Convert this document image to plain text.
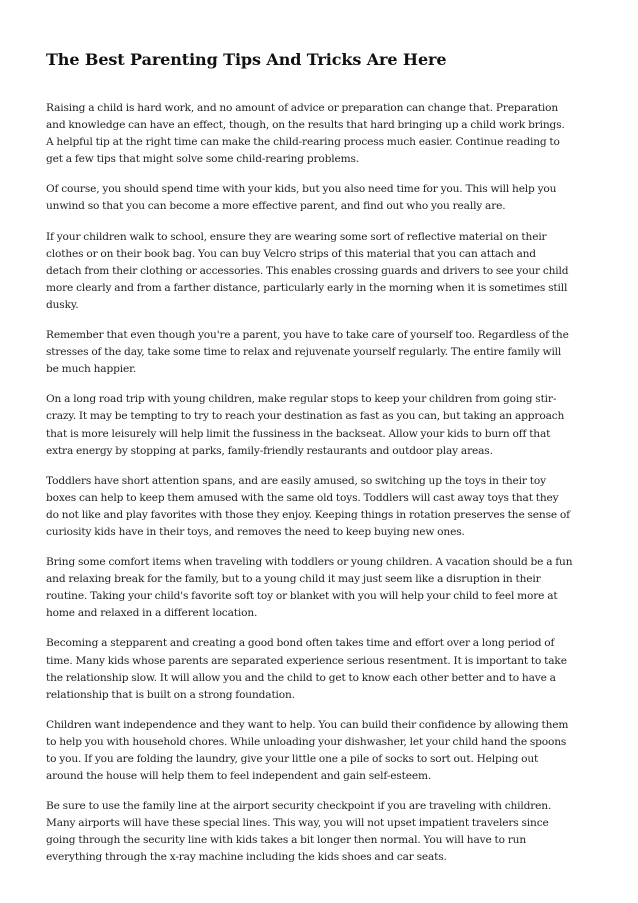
The Best Parenting Tips And Tricks Are Here

Raising a child is hard work, and no amount of advice or preparation can change that. Preparation
and knowledge can have an effect, though, on the results that hard bringing up a child work brings.
A helpful tip at the right time can make the child-rearing process much easier. Continue reading to
get a few tips that might solve some child-rearing problems.

Of course, you should spend time with your kids, but you also need time for you. This will help you
unwind so that you can become a more effective parent, and find out who you really are.

If your children walk to school, ensure they are wearing some sort of reflective material on their
clothes or on their book bag. You can buy Velcro strips of this material that you can attach and
detach from their clothing or accessories. This enables crossing guards and drivers to see your child
more clearly and from a farther distance, particularly early in the morning when it is sometimes still
dusky.

Remember that even though you're a parent, you have to take care of yourself too. Regardless of the
stresses of the day, take some time to relax and rejuvenate yourself regularly. The entire family will
be much happier.

On a long road trip with young children, make regular stops to keep your children from going stir-
crazy. It may be tempting to try to reach your destination as fast as you can, but taking an approach
that is more leisurely will help limit the fussiness in the backseat. Allow your kids to burn off that
extra energy by stopping at parks, family-friendly restaurants and outdoor play areas.

Toddlers have short attention spans, and are easily amused, so switching up the toys in their toy
boxes can help to keep them amused with the same old toys. Toddlers will cast away toys that they
do not like and play favorites with those they enjoy. Keeping things in rotation preserves the sense of
curiosity kids have in their toys, and removes the need to keep buying new ones.

Bring some comfort items when traveling with toddlers or young children. A vacation should be a fun
and relaxing break for the family, but to a young child it may just seem like a disruption in their
routine. Taking your child's favorite soft toy or blanket with you will help your child to feel more at
home and relaxed in a different location.

Becoming a stepparent and creating a good bond often takes time and effort over a long period of
time. Many kids whose parents are separated experience serious resentment. It is important to take
the relationship slow. It will allow you and the child to get to know each other better and to have a
relationship that is built on a strong foundation.

Children want independence and they want to help. You can build their confidence by allowing them
to help you with household chores. While unloading your dishwasher, let your child hand the spoons
to you. If you are folding the laundry, give your little one a pile of socks to sort out. Helping out
around the house will help them to feel independent and gain self-esteem.

Be sure to use the family line at the airport security checkpoint if you are traveling with children.
Many airports will have these special lines. This way, you will not upset impatient travelers since
going through the security line with kids takes a bit longer then normal. You will have to run
everything through the x-ray machine including the kids shoes and car seats.
